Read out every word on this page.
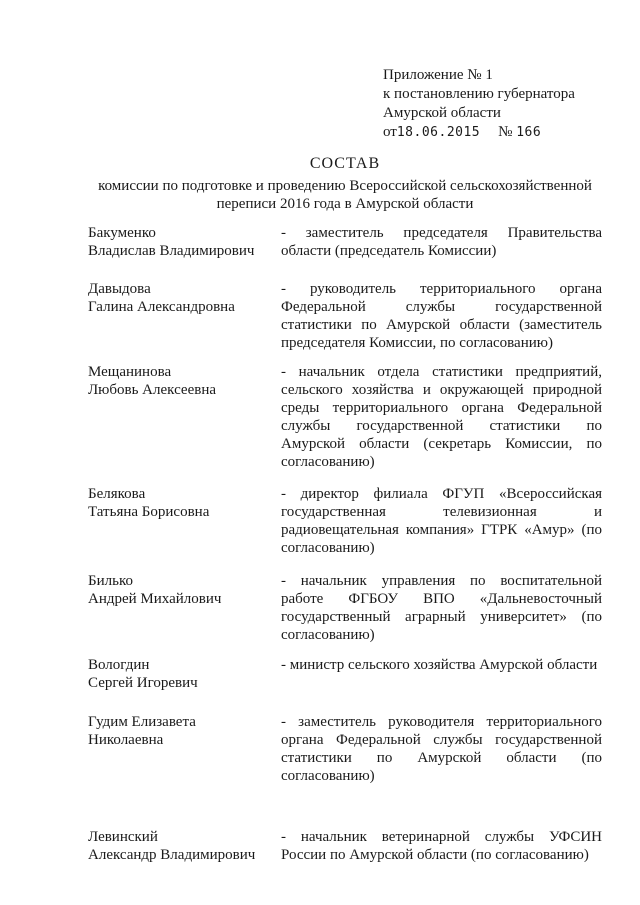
Приложение № 1
к постановлению губернатора
Амурской области
от18.06.2015 № 166
СОСТАВ
комиссии по подготовке и проведению Всероссийской сельскохозяйственной
переписи 2016 года в Амурской области
Бакуменко
Владислав Владимирович
- заместитель председателя Правительства области (председатель Комиссии)
Давыдова
Галина Александровна
- руководитель территориального органа Федеральной службы государственной статистики по Амурской области (заместитель председателя Комиссии, по согласованию)
Мещанинова
Любовь Алексеевна
- начальник отдела статистики предприятий, сельского хозяйства и окружающей природной среды территориального органа Федеральной службы государственной статистики по Амурской области (секретарь Комиссии, по согласованию)
Белякова
Татьяна Борисовна
- директор филиала ФГУП «Всероссийская государственная телевизионная и радиовещательная компания» ГТРК «Амур» (по согласованию)
Билько
Андрей Михайлович
- начальник управления по воспитательной работе ФГБОУ ВПО «Дальневосточный государственный аграрный университет» (по согласованию)
Вологдин
Сергей Игоревич
- министр сельского хозяйства Амурской области
Гудим Елизавета
Николаевна
- заместитель руководителя территориального органа Федеральной службы государственной статистики по Амурской области (по согласованию)
Левинский
Александр Владимирович
- начальник ветеринарной службы УФСИН России по Амурской области (по согласованию)
